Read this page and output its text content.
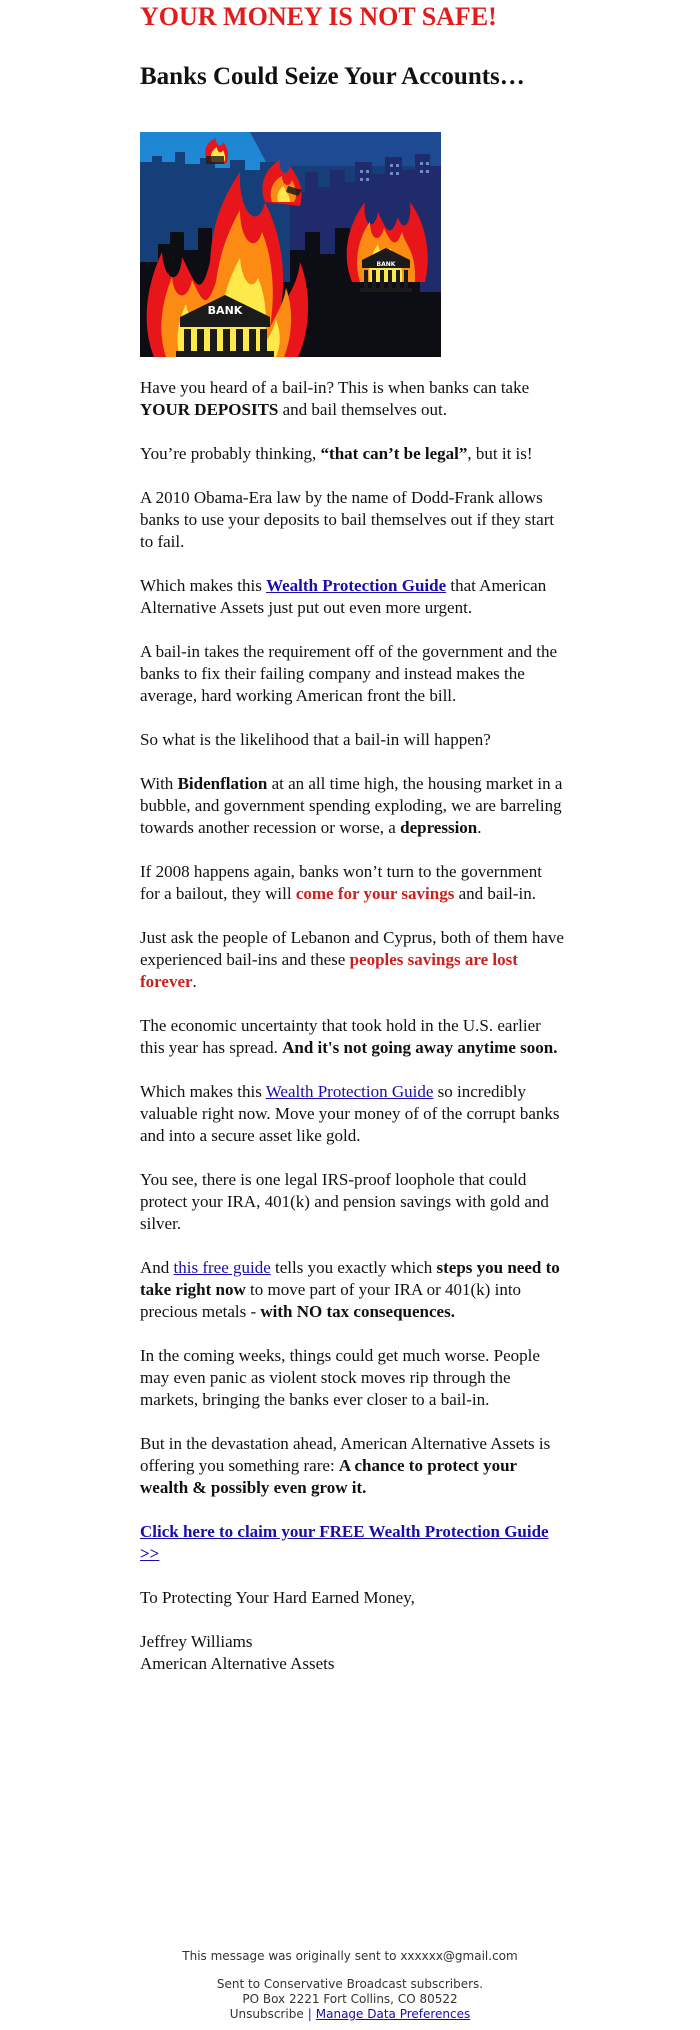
YOUR MONEY IS NOT SAFE!
Banks Could Seize Your Accounts…
BANK
BANK

Have you heard of a bail-in? This is when banks can take YOUR DEPOSITS and bail themselves out.

You’re probably thinking, “that can’t be legal”, but it is!

A 2010 Obama-Era law by the name of Dodd-Frank allows banks to use your deposits to bail themselves out if they start to fail.

Which makes this Wealth Protection Guide that American Alternative Assets just put out even more urgent.

A bail-in takes the requirement off of the government and the banks to fix their failing company and instead makes the average, hard working American front the bill.

So what is the likelihood that a bail-in will happen?

With Bidenflation at an all time high, the housing market in a bubble, and government spending exploding, we are barreling towards another recession or worse, a depression.

If 2008 happens again, banks won’t turn to the government for a bailout, they will come for your savings and bail-in.

Just ask the people of Lebanon and Cyprus, both of them have experienced bail-ins and these peoples savings are lost forever.

The economic uncertainty that took hold in the U.S. earlier this year has spread. And it's not going away anytime soon.

Which makes this Wealth Protection Guide so incredibly valuable right now. Move your money of of the corrupt banks and into a secure asset like gold.

You see, there is one legal IRS-proof loophole that could protect your IRA, 401(k) and pension savings with gold and silver.

And this free guide tells you exactly which steps you need to take right now to move part of your IRA or 401(k) into precious metals - with NO tax consequences.

In the coming weeks, things could get much worse. People may even panic as violent stock moves rip through the markets, bringing the banks ever closer to a bail-in.

But in the devastation ahead, American Alternative Assets is offering you something rare: A chance to protect your wealth & possibly even grow it.

Click here to claim your FREE Wealth Protection Guide >>

To Protecting Your Hard Earned Money,

Jeffrey Williams

American Alternative Assets

This message was originally sent to xxxxxx@gmail.com

Sent to Conservative Broadcast subscribers.

PO Box 2221 Fort Collins, CO 80522

Unsubscribe | Manage Data Preferences
